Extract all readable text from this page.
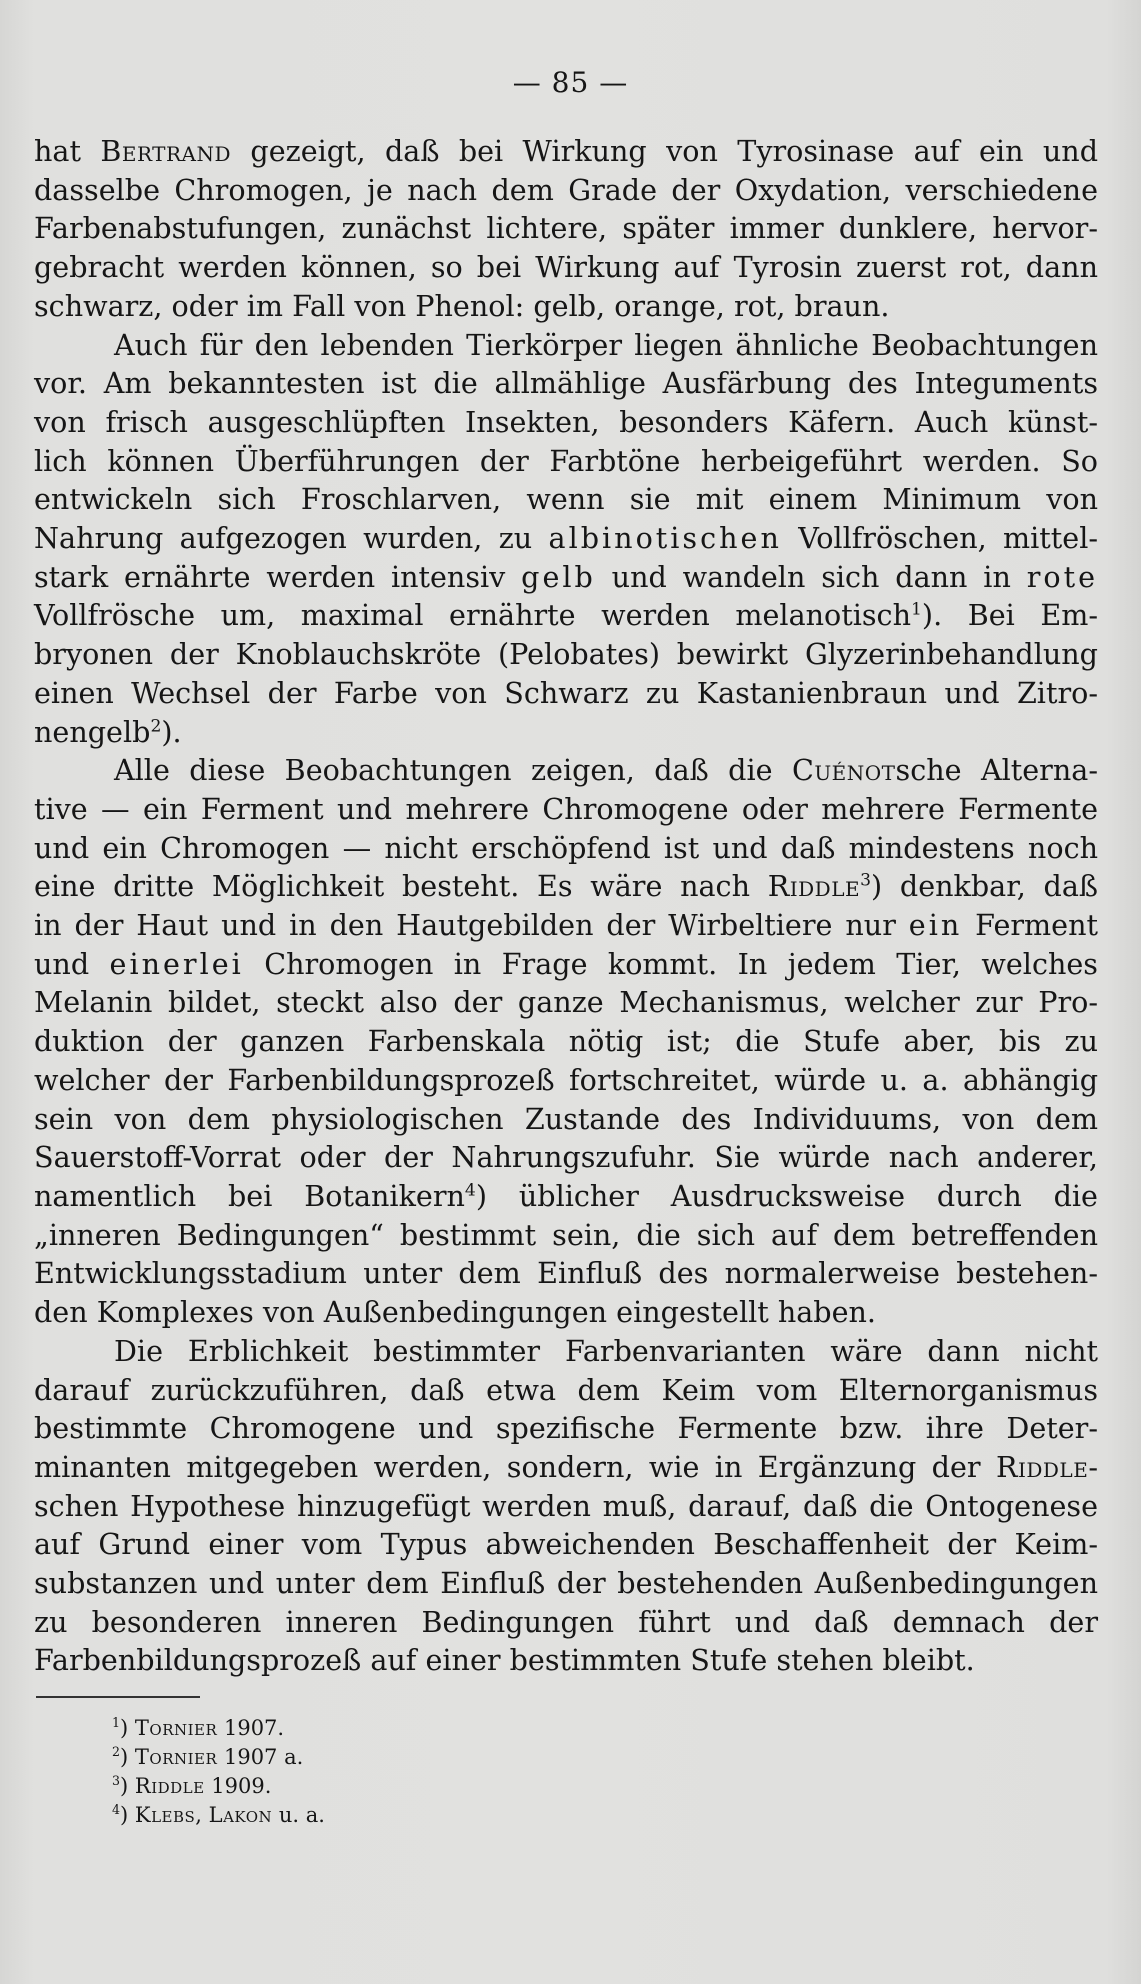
— 85 —
hat Bertrand gezeigt, daß bei Wirkung von Tyrosinase auf ein und
dasselbe Chromogen, je nach dem Grade der Oxydation, verschiedene
Farbenabstufungen, zunächst lichtere, später immer dunklere, hervor-
gebracht werden können, so bei Wirkung auf Tyrosin zuerst rot, dann
schwarz, oder im Fall von Phenol: gelb, orange, rot, braun.
Auch für den lebenden Tierkörper liegen ähnliche Beobachtungen
vor. Am bekanntesten ist die allmählige Ausfärbung des Integuments
von frisch ausgeschlüpften Insekten, besonders Käfern. Auch künst-
lich können Überführungen der Farbtöne herbeigeführt werden. So
entwickeln sich Froschlarven, wenn sie mit einem Minimum von
Nahrung aufgezogen wurden, zu albinotischen Vollfröschen, mittel-
stark ernährte werden intensiv gelb und wandeln sich dann in rote
Vollfrösche um, maximal ernährte werden melanotisch$^1$). Bei Em-
bryonen der Knoblauchskröte (Pelobates) bewirkt Glyzerinbehandlung
einen Wechsel der Farbe von Schwarz zu Kastanienbraun und Zitro-
nengelb$^2$).
Alle diese Beobachtungen zeigen, daß die Cuénotsche Alterna-
tive — ein Ferment und mehrere Chromogene oder mehrere Fermente
und ein Chromogen — nicht erschöpfend ist und daß mindestens noch
eine dritte Möglichkeit besteht. Es wäre nach Riddle$^3$) denkbar, daß
in der Haut und in den Hautgebilden der Wirbeltiere nur ein Ferment
und einerlei Chromogen in Frage kommt. In jedem Tier, welches
Melanin bildet, steckt also der ganze Mechanismus, welcher zur Pro-
duktion der ganzen Farbenskala nötig ist; die Stufe aber, bis zu
welcher der Farbenbildungsprozeß fortschreitet, würde u. a. abhängig
sein von dem physiologischen Zustande des Individuums, von dem
Sauerstoff-Vorrat oder der Nahrungszufuhr. Sie würde nach anderer,
namentlich bei Botanikern$^4$) üblicher Ausdrucksweise durch die
„inneren Bedingungen“ bestimmt sein, die sich auf dem betreffenden
Entwicklungsstadium unter dem Einfluß des normalerweise bestehen-
den Komplexes von Außenbedingungen eingestellt haben.
Die Erblichkeit bestimmter Farbenvarianten wäre dann nicht
darauf zurückzuführen, daß etwa dem Keim vom Elternorganismus
bestimmte Chromogene und spezifische Fermente bzw. ihre Deter-
minanten mitgegeben werden, sondern, wie in Ergänzung der Riddle-
schen Hypothese hinzugefügt werden muß, darauf, daß die Ontogenese
auf Grund einer vom Typus abweichenden Beschaffenheit der Keim-
substanzen und unter dem Einfluß der bestehenden Außenbedingungen
zu besonderen inneren Bedingungen führt und daß demnach der
Farbenbildungsprozeß auf einer bestimmten Stufe stehen bleibt.
$^1$) Tornier 1907.
$^2$) Tornier 1907 a.
$^3$) Riddle 1909.
$^4$) Klebs, Lakon u. a.
